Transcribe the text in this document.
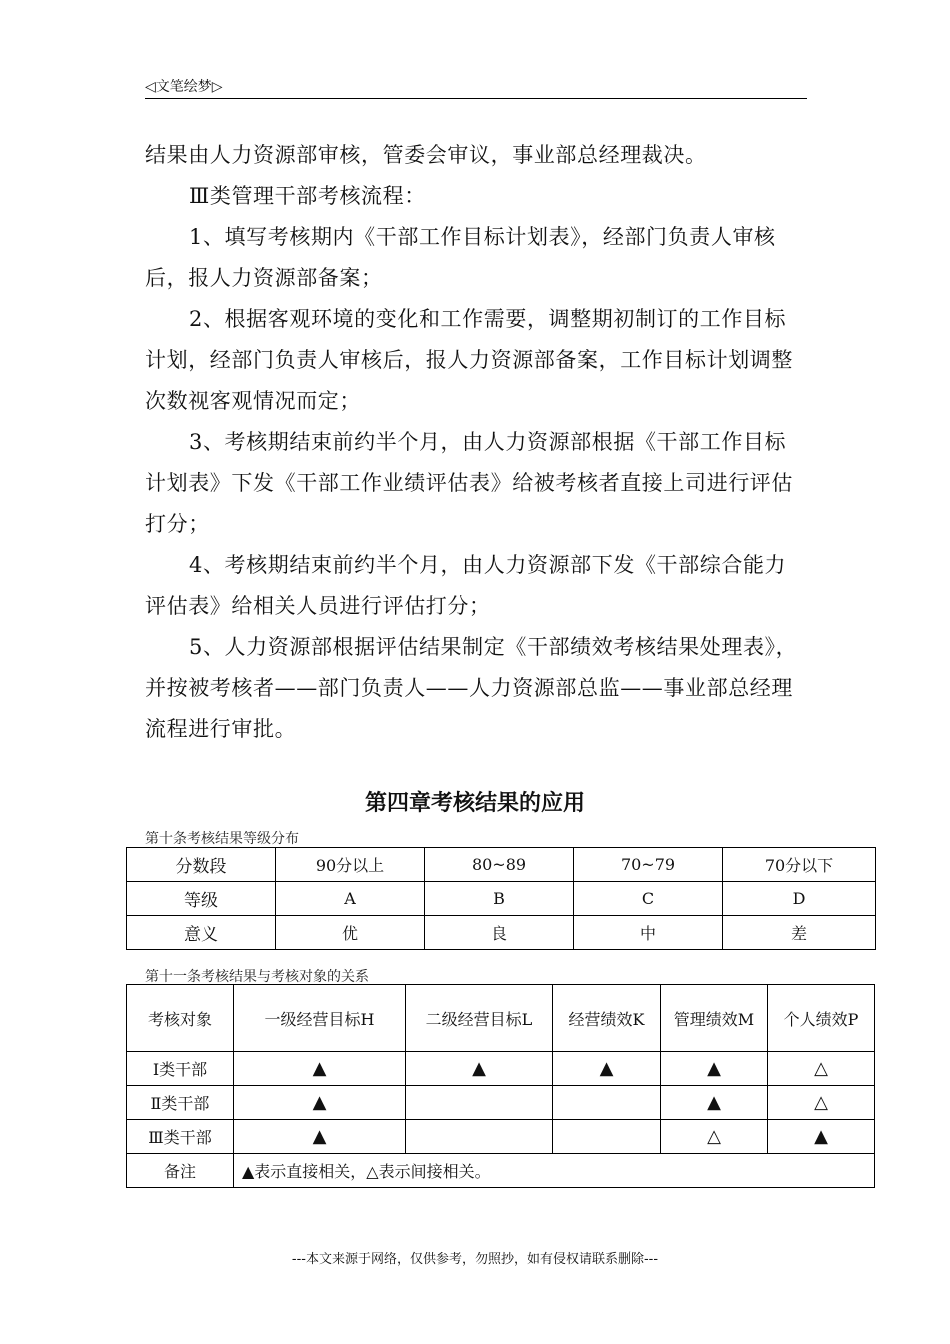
◁文笔绘梦▷

结果由人力资源部审核，管委会审议，事业部总经理裁决。

Ⅲ类管理干部考核流程：

1、填写考核期内《干部工作目标计划表》，经部门负责人审核后，报人力资源部备案；

2、根据客观环境的变化和工作需要，调整期初制订的工作目标计划，经部门负责人审核后，报人力资源部备案，工作目标计划调整次数视客观情况而定；

3、考核期结束前约半个月，由人力资源部根据《干部工作目标计划表》下发《干部工作业绩评估表》给被考核者直接上司进行评估打分；

4、考核期结束前约半个月，由人力资源部下发《干部综合能力评估表》给相关人员进行评估打分；

5、人力资源部根据评估结果制定《干部绩效考核结果处理表》，并按被考核者——部门负责人——人力资源部总监——事业部总经理流程进行审批。

第四章考核结果的应用
第十条考核结果等级分布
分数段	90分以上	80~89	70~79	70分以下
等级	A	B	C	D
意义	优	良	中	差
第十一条考核结果与考核对象的关系
考核对象	一级经营目标H	二级经营目标L	经营绩效K	管理绩效M	个人绩效P
Ⅰ类干部	▲	▲	▲	▲	△
Ⅱ类干部	▲			▲	△
Ⅲ类干部	▲			△	▲
备注	▲表示直接相关，△表示间接相关。				
---本文来源于网络，仅供参考，勿照抄，如有侵权请联系删除---
